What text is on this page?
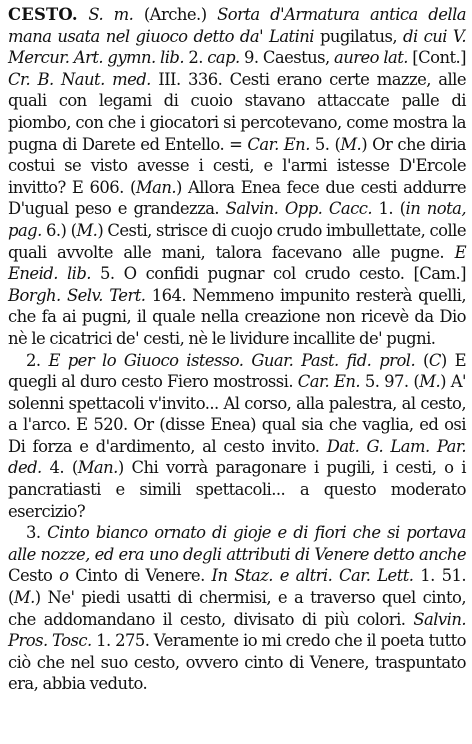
CESTO. S. m. (Arche.) Sorta d'Armatura antica della mana usata nel giuoco detto da' Latini pugilatus, di cui V. Mercur. Art. gymn. lib. 2. cap. 9. Caestus, aureo lat. [Cont.] Cr. B. Naut. med. III. 336. Cesti erano certe mazze, alle quali con legami di cuoio stavano attaccate palle di piombo, con che i giocatori si percotevano, come mostra la pugna di Darete ed Entello. = Car. En. 5. (M.) Or che diria costui se visto avesse i cesti, e l'armi istesse D'Ercole invitto? E 606. (Man.) Allora Enea fece due cesti addurre D'ugual peso e grandezza. Salvin. Opp. Cacc. 1. (in nota, pag. 6.) (M.) Cesti, strisce di cuojo crudo imbullettate, colle quali avvolte alle mani, talora facevano alle pugne. E Eneid. lib. 5. O confidi pugnar col crudo cesto. [Cam.] Borgh. Selv. Tert. 164. Nemmeno impunito resterà quelli, che fa ai pugni, il quale nella creazione non ricevè da Dio nè le cicatrici de' cesti, nè le lividure incallite de' pugni.

2. E per lo Giuoco istesso. Guar. Past. fid. prol. (C) E quegli al duro cesto Fiero mostrossi. Car. En. 5. 97. (M.) A' solenni spettacoli v'invito... Al corso, alla palestra, al cesto, a l'arco. E 520. Or (disse Enea) qual sia che vaglia, ed osi Di forza e d'ardimento, al cesto invito. Dat. G. Lam. Par. ded. 4. (Man.) Chi vorrà paragonare i pugili, i cesti, o i pancratiasti e simili spettacoli... a questo moderato esercizio?

3. Cinto bianco ornato di gioje e di fiori che si portava alle nozze, ed era uno degli attributi di Venere detto anche Cesto o Cinto di Venere. In Staz. e altri. Car. Lett. 1. 51. (M.) Ne' piedi usatti di chermisi, e a traverso quel cinto, che addomandano il cesto, divisato di più colori. Salvin. Pros. Tosc. 1. 275. Veramente io mi credo che il poeta tutto ciò che nel suo cesto, ovvero cinto di Venere, traspuntato era, abbia veduto.
